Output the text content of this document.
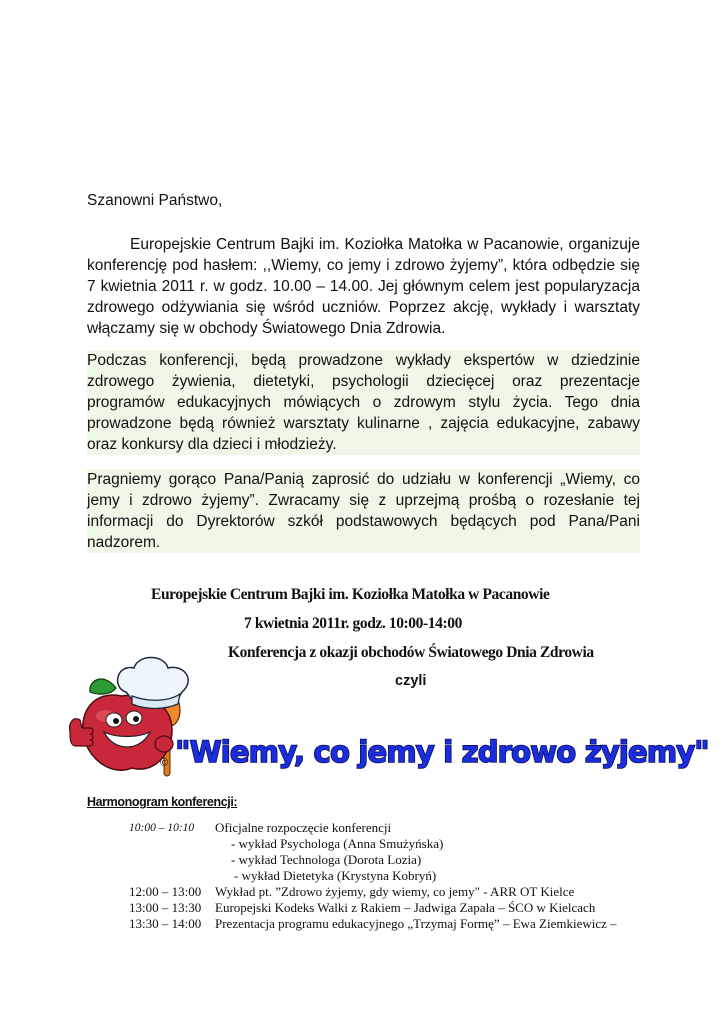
Szanowni Państwo,

Europejskie Centrum Bajki im. Koziołka Matołka w Pacanowie, organizuje konferencję pod hasłem: ,,Wiemy, co jemy i zdrowo żyjemy”, która odbędzie się 7 kwietnia 2011 r. w godz. 10.00 – 14.00. Jej głównym celem jest popularyzacja zdrowego odżywiania się wśród uczniów. Poprzez akcję, wykłady i warsztaty włączamy się w obchody Światowego Dnia Zdrowia.

Podczas konferencji, będą prowadzone wykłady ekspertów w dziedzinie zdrowego żywienia, dietetyki, psychologii dziecięcej oraz prezentacje programów edukacyjnych mówiących o zdrowym stylu życia. Tego dnia prowadzone będą również warsztaty kulinarne , zajęcia edukacyjne, zabawy oraz konkursy dla dzieci i młodzieży.

Pragniemy gorąco Pana/Panią zaprosić do udziału w konferencji „Wiemy, co jemy i zdrowo żyjemy”. Zwracamy się z uprzejmą prośbą o rozesłanie tej informacji do Dyrektorów szkół podstawowych będących pod Pana/Pani nadzorem.

Europejskie Centrum Bajki im. Koziołka Matołka w Pacanowie

7 kwietnia 2011r. godz. 10:00-14:00

Konferencja z okazji obchodów Światowego Dnia Zdrowia

czyli

© "Wiemy, co jemy i zdrowo żyjemy"

Harmonogram konferencji:

10:00 – 10:10	Oficjalne rozpoczęcie konferencji
- wykład Psychologa (Anna Smużyńska)
- wykład Technologa (Dorota Lozia)
- wykład Dietetyka (Krystyna Kobryń)
12:00 – 13:00	Wykład pt. ”Zdrowo żyjemy, gdy wiemy, co jemy" - ARR OT Kielce
13:00 – 13:30	Europejski Kodeks Walki z Rakiem – Jadwiga Zapała – ŚCO w Kielcach
13:30 – 14:00	Prezentacja programu edukacyjnego „Trzymaj Formę” – Ewa Ziemkiewicz –
